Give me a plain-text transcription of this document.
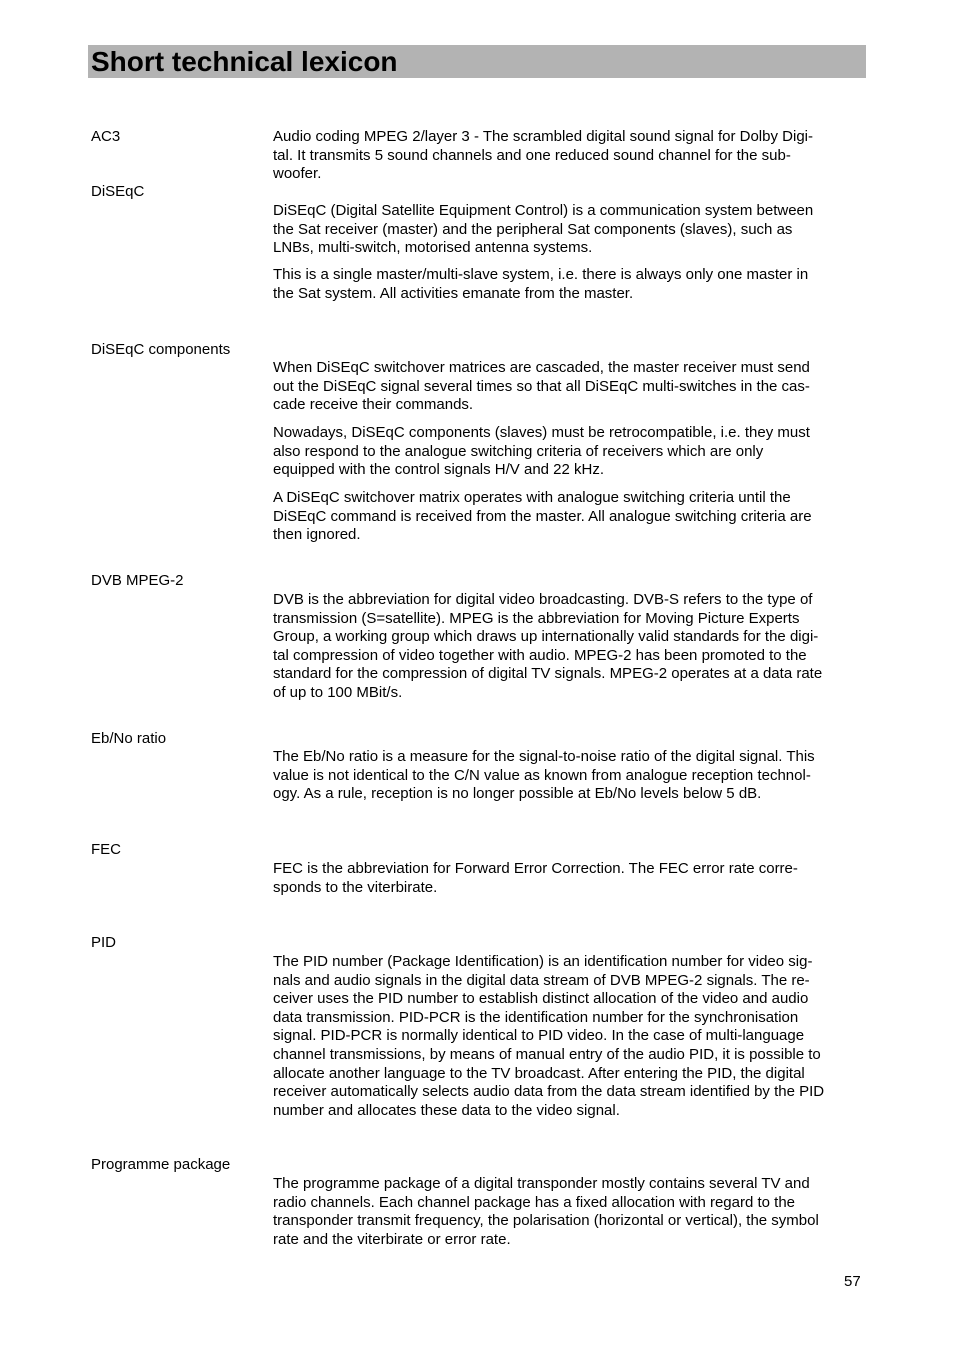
Short technical lexicon
AC3	Audio coding MPEG 2/layer 3 - The scrambled digital sound signal for Dolby Digi-
tal. It transmits 5 sound channels and one reduced sound channel for the sub-
woofer.
DiSEqC
DiSEqC (Digital Satellite Equipment Control) is a communication system between
the Sat receiver (master) and the peripheral Sat components (slaves), such as
LNBs, multi-switch, motorised antenna systems.
This is a single master/multi-slave system, i.e. there is always only one master in
the Sat system. All activities emanate from the master.
DiSEqC components
When DiSEqC switchover matrices are cascaded, the master receiver must send
out the DiSEqC signal several times so that all DiSEqC multi-switches in the cas-
cade receive their commands.
Nowadays, DiSEqC components (slaves) must be retrocompatible, i.e. they must
also respond to the analogue switching criteria of receivers which are only
equipped with the control signals H/V and 22 kHz.
A DiSEqC switchover matrix operates with analogue switching criteria until the
DiSEqC command is received from the master. All analogue switching criteria are
then ignored.
DVB MPEG-2
DVB is the abbreviation for digital video broadcasting. DVB-S refers to the type of
transmission (S=satellite). MPEG is the abbreviation for Moving Picture Experts
Group, a working group which draws up internationally valid standards for the digi-
tal compression of video together with audio. MPEG-2 has been promoted to the
standard for the compression of digital TV signals. MPEG-2 operates at a data rate
of up to 100 MBit/s.
Eb/No ratio
The Eb/No ratio is a measure for the signal-to-noise ratio of the digital signal. This
value is not identical to the C/N value as known from analogue reception technol-
ogy. As a rule, reception is no longer possible at Eb/No levels below 5 dB.
FEC
FEC is the abbreviation for Forward Error Correction. The FEC error rate corre-
sponds to the viterbirate.
PID
The PID number (Package Identification) is an identification number for video sig-
nals and audio signals in the digital data stream of DVB MPEG-2 signals. The re-
ceiver uses the PID number to establish distinct allocation of the video and audio
data transmission. PID-PCR is the identification number for the synchronisation
signal. PID-PCR is normally identical to PID video. In the case of multi-language
channel transmissions, by means of manual entry of the audio PID, it is possible to
allocate another language to the TV broadcast. After entering the PID, the digital
receiver automatically selects audio data from the data stream identified by the PID
number and allocates these data to the video signal.
Programme package
The programme package of a digital transponder mostly contains several TV and
radio channels. Each channel package has a fixed allocation with regard to the
transponder transmit frequency, the polarisation (horizontal or vertical), the symbol
rate and the viterbirate or error rate.
57
